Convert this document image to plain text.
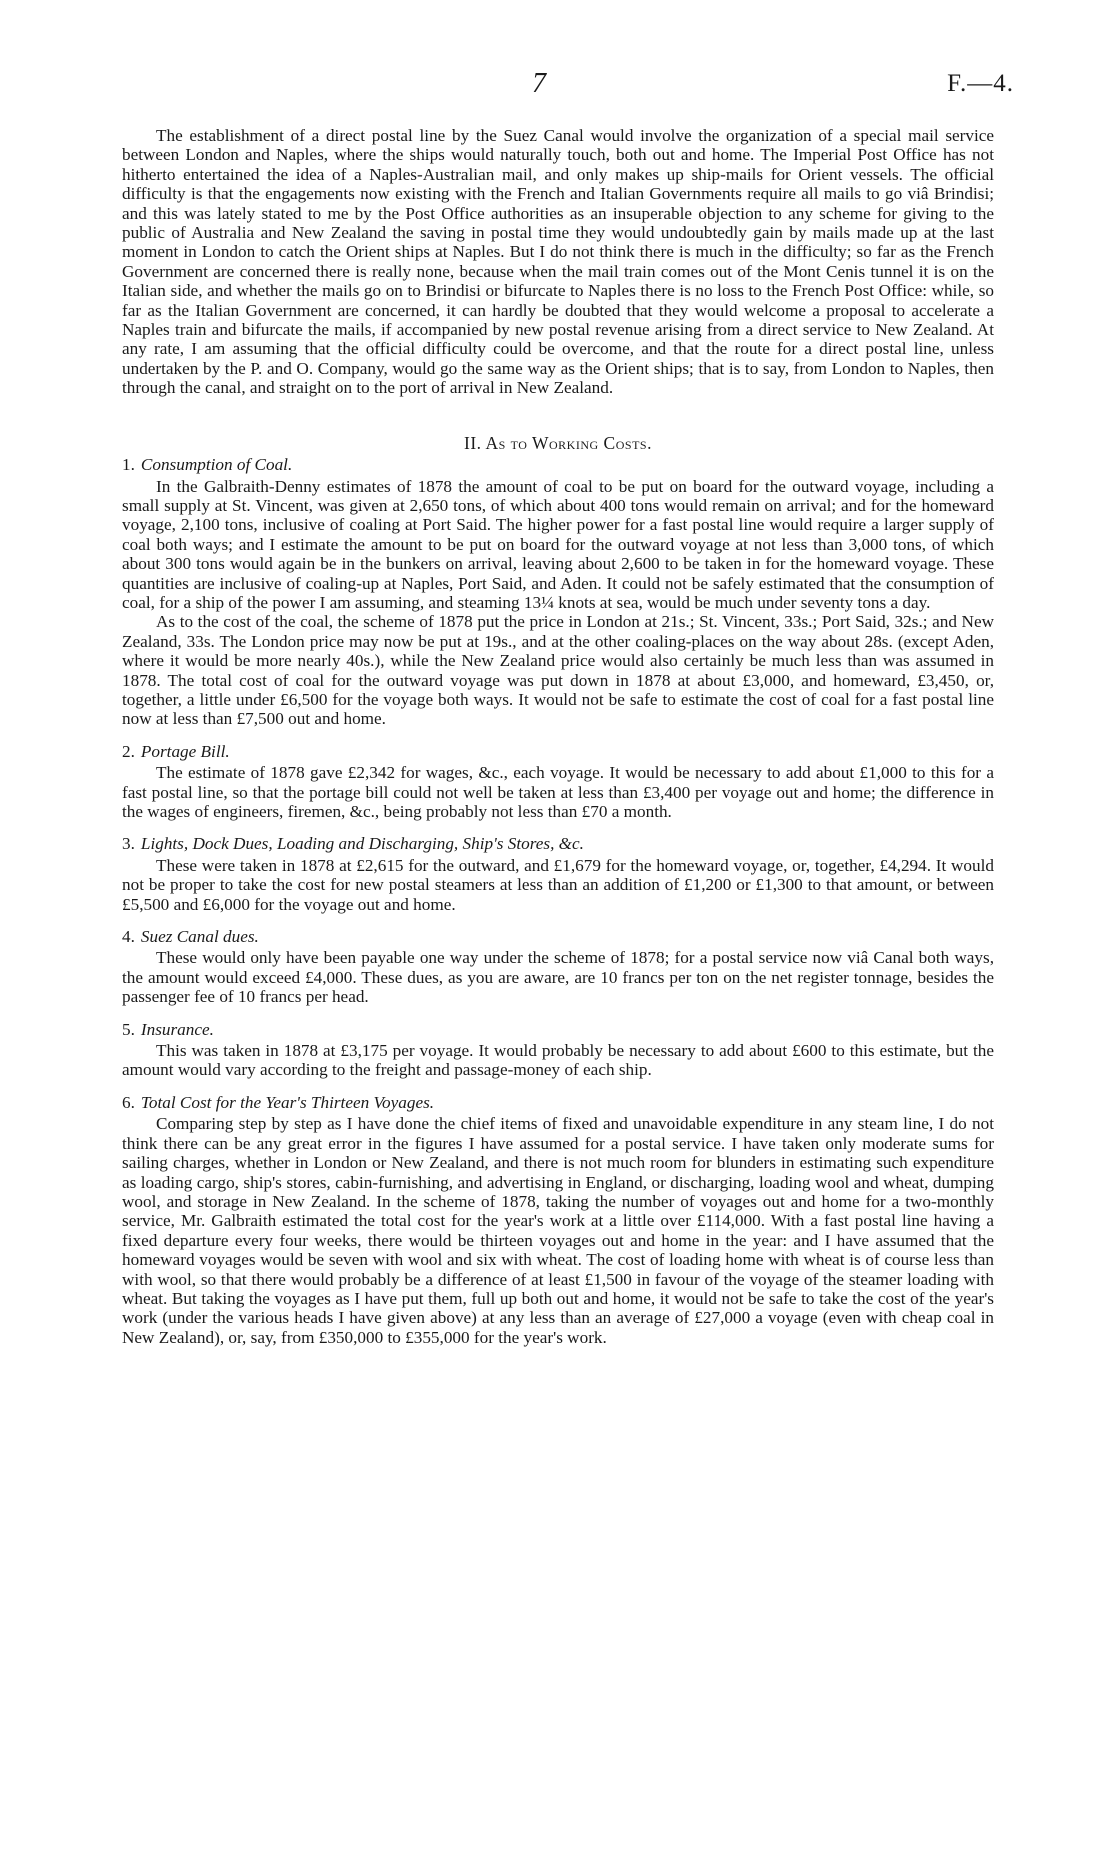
7	F.—4.

The establishment of a direct postal line by the Suez Canal would involve the organization of a special mail service between London and Naples, where the ships would naturally touch, both out and home. The Imperial Post Office has not hitherto entertained the idea of a Naples-Australian mail, and only makes up ship-mails for Orient vessels. The official difficulty is that the engagements now existing with the French and Italian Governments require all mails to go viâ Brindisi; and this was lately stated to me by the Post Office authorities as an insuperable objection to any scheme for giving to the public of Australia and New Zealand the saving in postal time they would undoubtedly gain by mails made up at the last moment in London to catch the Orient ships at Naples. But I do not think there is much in the difficulty; so far as the French Government are concerned there is really none, because when the mail train comes out of the Mont Cenis tunnel it is on the Italian side, and whether the mails go on to Brindisi or bifurcate to Naples there is no loss to the French Post Office: while, so far as the Italian Government are concerned, it can hardly be doubted that they would welcome a proposal to accelerate a Naples train and bifurcate the mails, if accompanied by new postal revenue arising from a direct service to New Zealand. At any rate, I am assuming that the official difficulty could be overcome, and that the route for a direct postal line, unless undertaken by the P. and O. Company, would go the same way as the Orient ships; that is to say, from London to Naples, then through the canal, and straight on to the port of arrival in New Zealand.

II. As to Working Costs.
1. Consumption of Coal.

In the Galbraith-Denny estimates of 1878 the amount of coal to be put on board for the outward voyage, including a small supply at St. Vincent, was given at 2,650 tons, of which about 400 tons would remain on arrival; and for the homeward voyage, 2,100 tons, inclusive of coaling at Port Said. The higher power for a fast postal line would require a larger supply of coal both ways; and I estimate the amount to be put on board for the outward voyage at not less than 3,000 tons, of which about 300 tons would again be in the bunkers on arrival, leaving about 2,600 to be taken in for the homeward voyage. These quantities are inclusive of coaling-up at Naples, Port Said, and Aden. It could not be safely estimated that the consumption of coal, for a ship of the power I am assuming, and steaming 13¼ knots at sea, would be much under seventy tons a day.

As to the cost of the coal, the scheme of 1878 put the price in London at 21s.; St. Vincent, 33s.; Port Said, 32s.; and New Zealand, 33s. The London price may now be put at 19s., and at the other coaling-places on the way about 28s. (except Aden, where it would be more nearly 40s.), while the New Zealand price would also certainly be much less than was assumed in 1878. The total cost of coal for the outward voyage was put down in 1878 at about £3,000, and homeward, £3,450, or, together, a little under £6,500 for the voyage both ways. It would not be safe to estimate the cost of coal for a fast postal line now at less than £7,500 out and home.

2. Portage Bill.

The estimate of 1878 gave £2,342 for wages, &c., each voyage. It would be necessary to add about £1,000 to this for a fast postal line, so that the portage bill could not well be taken at less than £3,400 per voyage out and home; the difference in the wages of engineers, firemen, &c., being probably not less than £70 a month.

3. Lights, Dock Dues, Loading and Discharging, Ship's Stores, &c.

These were taken in 1878 at £2,615 for the outward, and £1,679 for the homeward voyage, or, together, £4,294. It would not be proper to take the cost for new postal steamers at less than an addition of £1,200 or £1,300 to that amount, or between £5,500 and £6,000 for the voyage out and home.

4. Suez Canal dues.

These would only have been payable one way under the scheme of 1878; for a postal service now viâ Canal both ways, the amount would exceed £4,000. These dues, as you are aware, are 10 francs per ton on the net register tonnage, besides the passenger fee of 10 francs per head.

5. Insurance.

This was taken in 1878 at £3,175 per voyage. It would probably be necessary to add about £600 to this estimate, but the amount would vary according to the freight and passage-money of each ship.

6. Total Cost for the Year's Thirteen Voyages.

Comparing step by step as I have done the chief items of fixed and unavoidable expenditure in any steam line, I do not think there can be any great error in the figures I have assumed for a postal service. I have taken only moderate sums for sailing charges, whether in London or New Zealand, and there is not much room for blunders in estimating such expenditure as loading cargo, ship's stores, cabin-furnishing, and advertising in England, or discharging, loading wool and wheat, dumping wool, and storage in New Zealand. In the scheme of 1878, taking the number of voyages out and home for a two-monthly service, Mr. Galbraith estimated the total cost for the year's work at a little over £114,000. With a fast postal line having a fixed departure every four weeks, there would be thirteen voyages out and home in the year: and I have assumed that the homeward voyages would be seven with wool and six with wheat. The cost of loading home with wheat is of course less than with wool, so that there would probably be a difference of at least £1,500 in favour of the voyage of the steamer loading with wheat. But taking the voyages as I have put them, full up both out and home, it would not be safe to take the cost of the year's work (under the various heads I have given above) at any less than an average of £27,000 a voyage (even with cheap coal in New Zealand), or, say, from £350,000 to £355,000 for the year's work.
